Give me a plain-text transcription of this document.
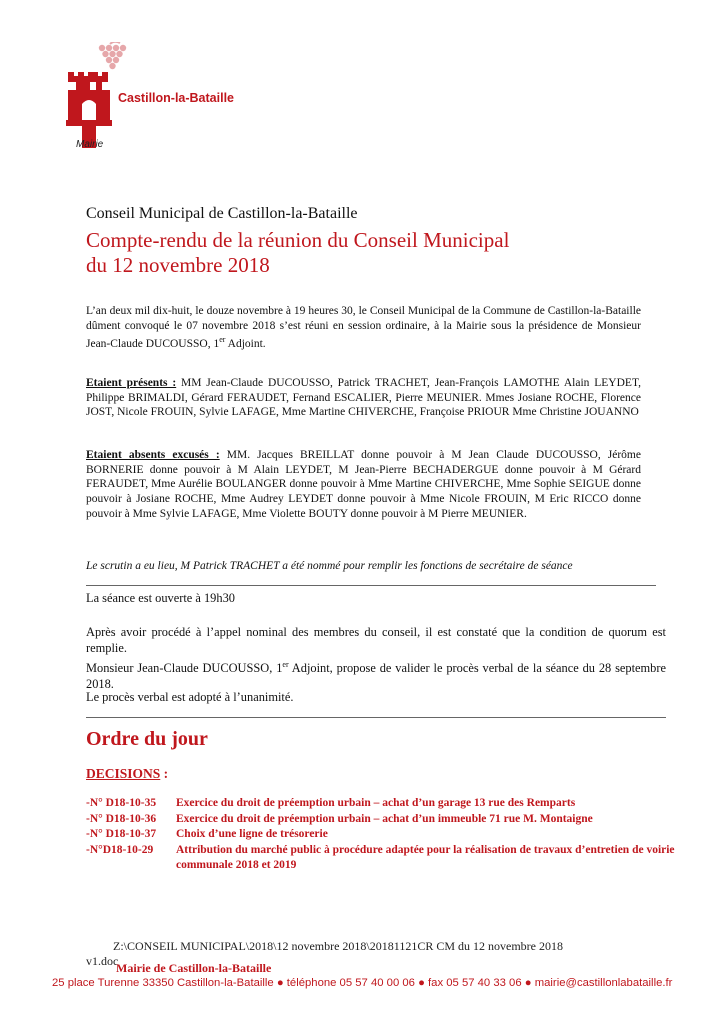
Castillon-la-Bataille
Mairie
Conseil Municipal de Castillon-la-Bataille
Compte-rendu de la réunion du Conseil Municipal
du 12 novembre 2018
L’an deux mil dix-huit, le douze novembre à 19 heures 30, le Conseil Municipal de la Commune de Castillon-la-Bataille dûment convoqué le 07 novembre 2018 s’est réuni en session ordinaire, à la Mairie sous la présidence de Monsieur Jean-Claude DUCOUSSO, 1er Adjoint.
Etaient présents : MM Jean-Claude DUCOUSSO, Patrick TRACHET, Jean-François LAMOTHE Alain LEYDET, Philippe BRIMALDI, Gérard FERAUDET, Fernand ESCALIER, Pierre MEUNIER. Mmes Josiane ROCHE, Florence JOST, Nicole FROUIN, Sylvie LAFAGE, Mme Martine CHIVERCHE, Françoise PRIOUR Mme Christine JOUANNO
Etaient absents excusés : MM. Jacques BREILLAT donne pouvoir à M Jean Claude DUCOUSSO, Jérôme BORNERIE donne pouvoir à M Alain LEYDET, M Jean-Pierre BECHADERGUE donne pouvoir à M Gérard FERAUDET, Mme Aurélie BOULANGER donne pouvoir à Mme Martine CHIVERCHE, Mme Sophie SEIGUE donne pouvoir à Josiane ROCHE, Mme Audrey LEYDET donne pouvoir à Mme Nicole FROUIN, M Eric RICCO donne pouvoir à Mme Sylvie LAFAGE, Mme Violette BOUTY donne pouvoir à M Pierre MEUNIER.
Le scrutin a eu lieu, M Patrick TRACHET a été nommé pour remplir les fonctions de secrétaire de séance
La séance est ouverte à 19h30
Après avoir procédé à l’appel nominal des membres du conseil, il est constaté que la condition de quorum est remplie.
Monsieur Jean-Claude DUCOUSSO, 1er Adjoint, propose de valider le procès verbal de la séance du 28 septembre 2018.
Le procès verbal est adopté à l’unanimité.
Ordre du jour
DECISIONS :
-N° D18-10-35 Exercice du droit de préemption urbain – achat d’un garage 13 rue des Remparts
-N° D18-10-36 Exercice du droit de préemption urbain – achat d’un immeuble 71 rue M. Montaigne
-N° D18-10-37 Choix d’une ligne de trésorerie
-N°D18-10-29 Attribution du marché public à procédure adaptée pour la réalisation de travaux d’entretien de voirie communale 2018 et 2019
Z:\CONSEIL MUNICIPAL\2018\12 novembre 2018\20181121CR CM du 12 novembre 2018
v1.doc
Mairie de Castillon-la-Bataille
25 place Turenne 33350 Castillon-la-Bataille ● téléphone 05 57 40 00 06 ● fax 05 57 40 33 06 ● mairie@castillonlabataille.fr
